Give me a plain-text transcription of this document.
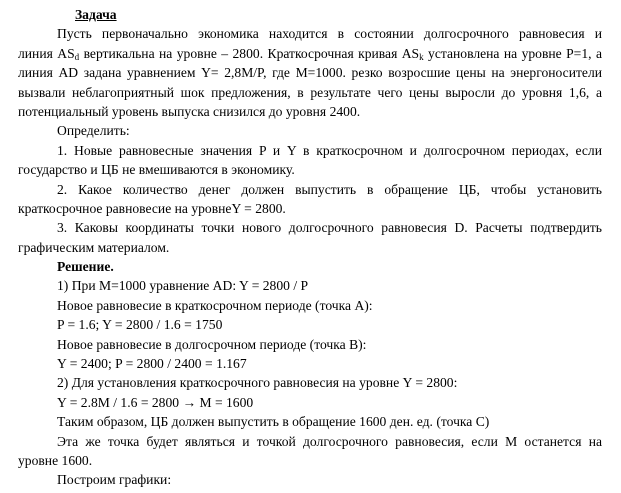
Задача
Пусть первоначально экономика находится в состоянии долгосрочного равновесия и
линия $AS_d$ вертикальна на уровне – 2800. Краткосрочная кривая $AS_k$ установлена на уровне P=1, а
линия AD задана уравнением Y= 2,8M/P, где M=1000. резко возросшие цены на энергоносители
вызвали неблагоприятный шок предложения, в результате чего цены выросли до уровня 1,6, а
потенциальный уровень выпуска снизился до уровня 2400.
Определить:
1. Новые равновесные значения P и Y в краткосрочном и долгосрочном периодах, если
государство и ЦБ не вмешиваются в экономику.
2. Какое количество денег должен выпустить в обращение ЦБ, чтобы установить
краткосрочное равновесие на уровнеY = 2800.
3. Каковы координаты точки нового долгосрочного равновесия D. Расчеты подтвердить
графическим материалом.
Решение.
1) При M=1000 уравнение AD: Y = 2800 / P
Новое равновесие в краткосрочном периоде (точка A):
P = 1.6; Y = 2800 / 1.6 = 1750
Новое равновесие в долгосрочном периоде (точка B):
Y = 2400; P = 2800 / 2400 = 1.167
2) Для установления краткосрочного равновесия на уровне Y = 2800:
Y = 2.8M / 1.6 = 2800 → M = 1600
Таким образом, ЦБ должен выпустить в обращение 1600 ден. ед. (точка C)
Эта же точка будет являться и точкой долгосрочного равновесия, если M останется на
уровне 1600.
Построим графики:
